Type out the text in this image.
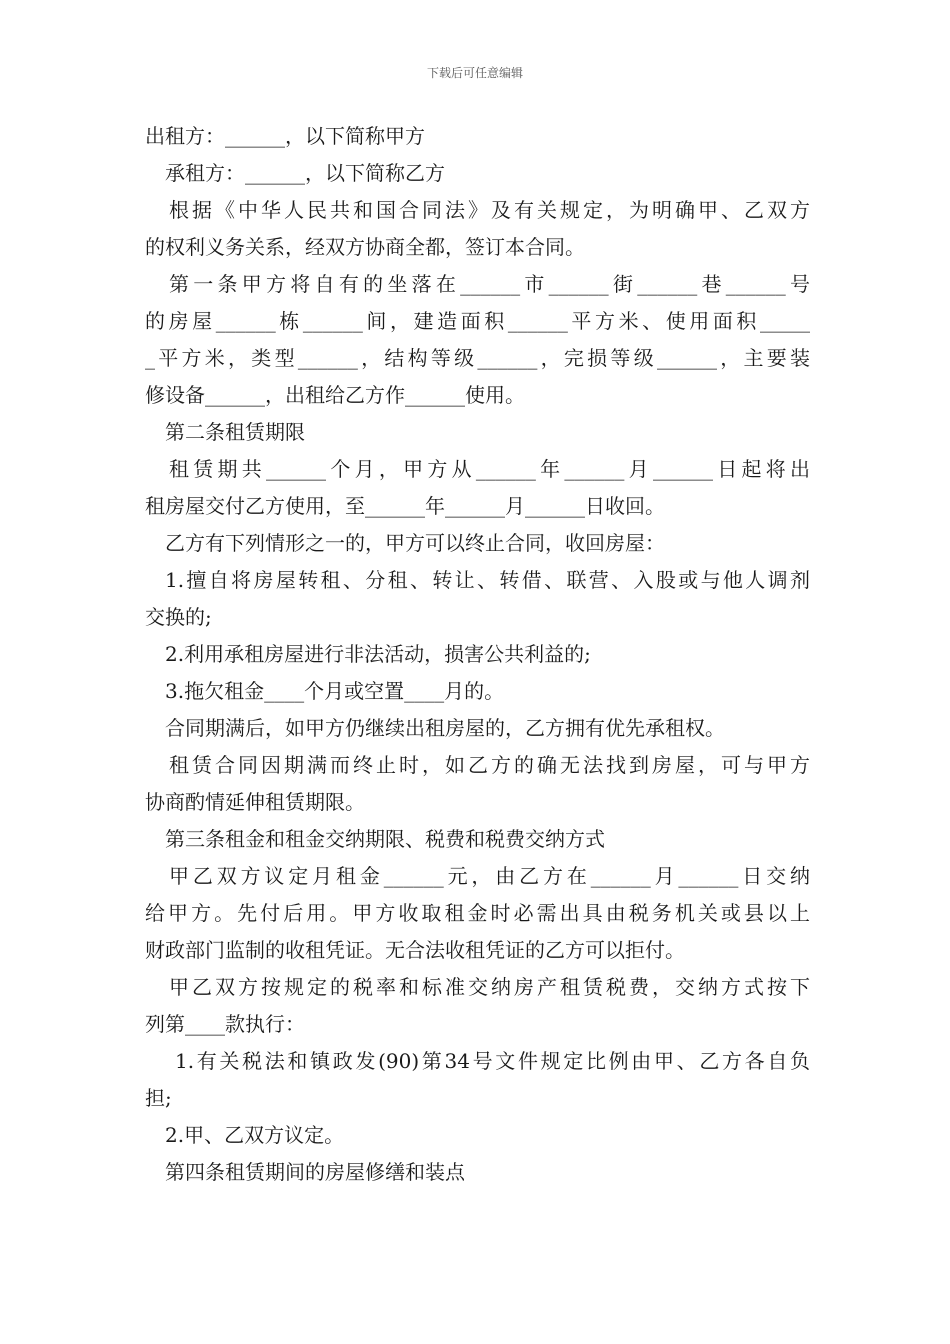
下载后可任意编辑
出租方：______，以下简称甲方
承租方：______，以下简称乙方
根据《中华人民共和国合同法》及有关规定，为明确甲、乙双方
的权利义务关系，经双方协商全都，签订本合同。
第一条甲方将自有的坐落在______市______街______巷______号
的房屋______栋______间，建造面积______平方米、使用面积_____
_平方米，类型______，结构等级______，完损等级______，主要装
修设备______，出租给乙方作______使用。
第二条租赁期限
租赁期共______个月，甲方从______年______月______日起将出
租房屋交付乙方使用，至______年______月______日收回。
乙方有下列情形之一的，甲方可以终止合同，收回房屋：
1.擅自将房屋转租、分租、转让、转借、联营、入股或与他人调剂
交换的;
2.利用承租房屋进行非法活动，损害公共利益的;
3.拖欠租金____个月或空置____月的。
合同期满后，如甲方仍继续出租房屋的，乙方拥有优先承租权。
租赁合同因期满而终止时，如乙方的确无法找到房屋，可与甲方
协商酌情延伸租赁期限。
第三条租金和租金交纳期限、税费和税费交纳方式
甲乙双方议定月租金______元，由乙方在______月______日交纳
给甲方。先付后用。甲方收取租金时必需出具由税务机关或县以上
财政部门监制的收租凭证。无合法收租凭证的乙方可以拒付。
甲乙双方按规定的税率和标准交纳房产租赁税费，交纳方式按下
列第____款执行：
1.有关税法和镇政发(90)第34号文件规定比例由甲、乙方各自负
担;
2.甲、乙双方议定。
第四条租赁期间的房屋修缮和装点
